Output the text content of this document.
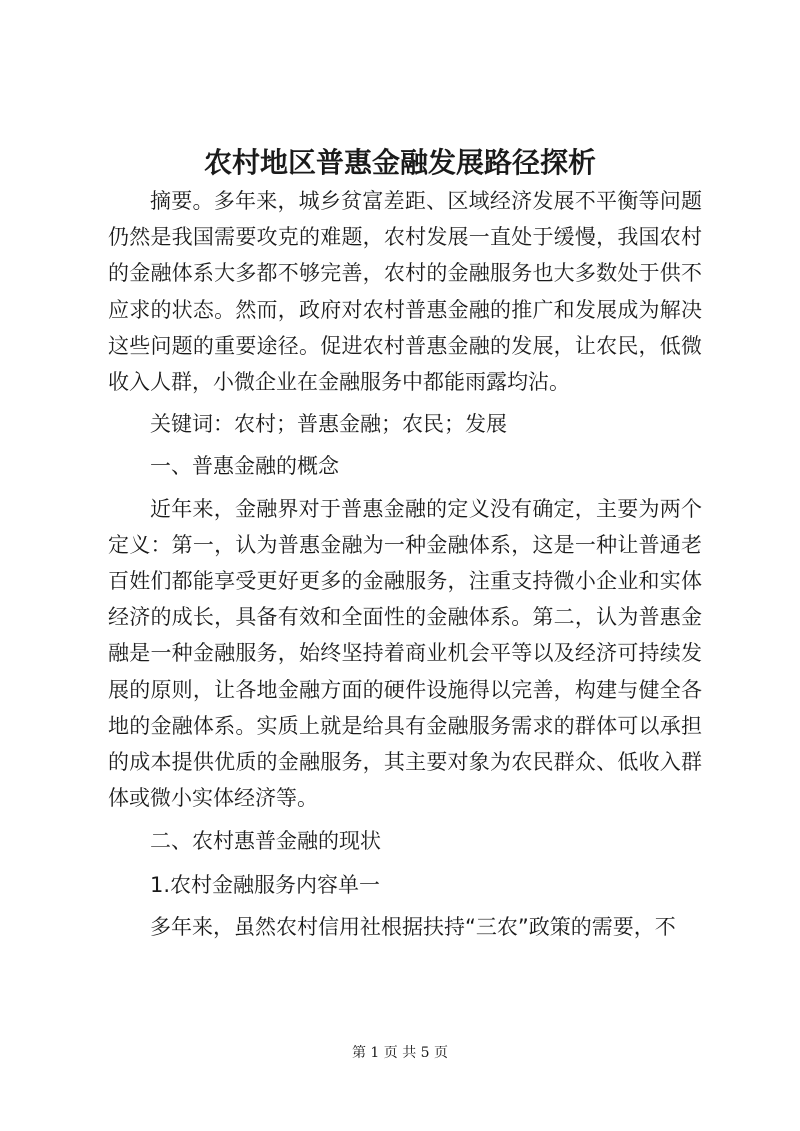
农村地区普惠金融发展路径探析

摘要。多年来，城乡贫富差距、区域经济发展不平衡等问题仍然是我国需要攻克的难题，农村发展一直处于缓慢，我国农村的金融体系大多都不够完善，农村的金融服务也大多数处于供不应求的状态。然而，政府对农村普惠金融的推广和发展成为解决这些问题的重要途径。促进农村普惠金融的发展，让农民，低微收入人群，小微企业在金融服务中都能雨露均沾。

关键词：农村；普惠金融；农民；发展

一、普惠金融的概念

近年来，金融界对于普惠金融的定义没有确定，主要为两个定义：第一，认为普惠金融为一种金融体系，这是一种让普通老百姓们都能享受更好更多的金融服务，注重支持微小企业和实体经济的成长，具备有效和全面性的金融体系。第二，认为普惠金融是一种金融服务，始终坚持着商业机会平等以及经济可持续发展的原则，让各地金融方面的硬件设施得以完善，构建与健全各地的金融体系。实质上就是给具有金融服务需求的群体可以承担的成本提供优质的金融服务，其主要对象为农民群众、低收入群体或微小实体经济等。

二、农村惠普金融的现状

1.农村金融服务内容单一

多年来，虽然农村信用社根据扶持“三农”政策的需要，不

第 1 页 共 5 页
